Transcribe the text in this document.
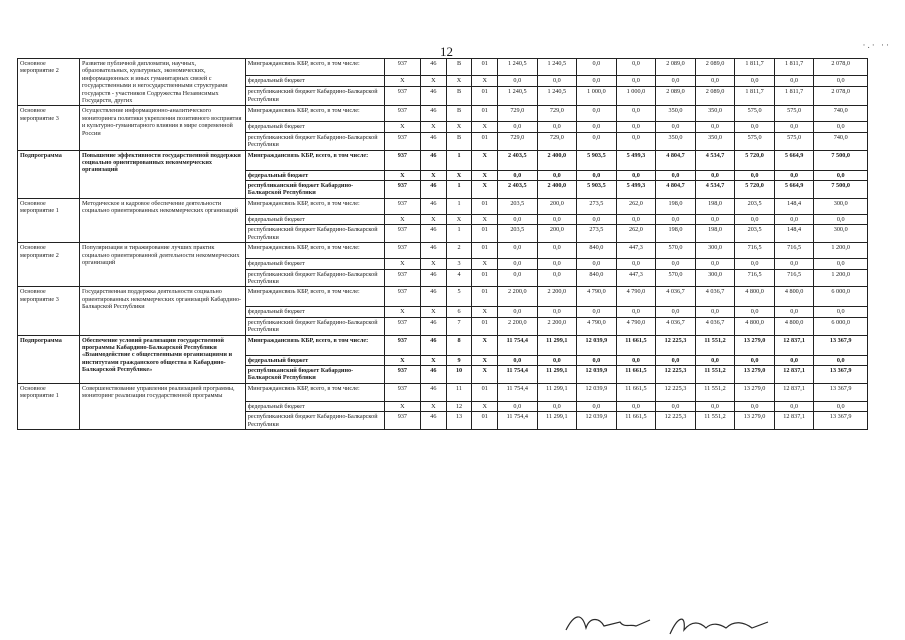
12	·.· ··
Основное мероприятие 2	Развитие публичной дипломатии, научных, образовательных, культурных, экономических, информационных и иных гуманитарных связей с государственными и негосударственными структурами государств - участников Содружества Независимых Государств, других	Минграждансвязь КБР, всего, в том числе:	937	46	В	01	1 240,5	1 240,5	0,0	0,0	2 089,0	2 089,0	1 811,7	1 811,7	2 078,0
		федеральный бюджет	X	X	X	X	0,0	0,0	0,0	0,0	0,0	0,0	0,0	0,0	0,0
		республиканский бюджет Кабардино-Балкарской Республики	937	46	В	01	1 240,5	1 240,5	1 000,0	1 000,0	2 089,0	2 089,0	1 811,7	1 811,7	2 078,0
Основное мероприятие 3	Осуществление информационно-аналитического мониторинга политики укрепления позитивного восприятия и культурно-гуманитарного влияния в мире современной России	Минграждансвязь КБР, всего, в том числе:	937	46	В	01	729,0	729,0	0,0	0,0	350,0	350,0	575,0	575,0	740,0
		федеральный бюджет	X	X	X	X	0,0	0,0	0,0	0,0	0,0	0,0	0,0	0,0	0,0
		республиканский бюджет Кабардино-Балкарской Республики	937	46	В	01	729,0	729,0	0,0	0,0	350,0	350,0	575,0	575,0	740,0
Подпрограмма	Повышение эффективности государственной поддержки социально ориентированных некоммерческих организаций	Минграждансвязь КБР, всего, в том числе:	937	46	1	X	2 403,5	2 400,0	5 903,5	5 499,3	4 804,7	4 534,7	5 720,0	5 664,9	7 500,0
		федеральный бюджет	X	X	X	X	0,0	0,0	0,0	0,0	0,0	0,0	0,0	0,0	0,0
		республиканский бюджет Кабардино-Балкарской Республики	937	46	1	X	2 403,5	2 400,0	5 903,5	5 499,3	4 804,7	4 534,7	5 720,0	5 664,9	7 500,0
Основное мероприятие 1	Методическое и кадровое обеспечение деятельности социально ориентированных некоммерческих организаций	Минграждансвязь КБР, всего, в том числе:	937	46	1	01	203,5	200,0	273,5	262,0	198,0	198,0	203,5	148,4	300,0
		федеральный бюджет	X	X	X	X	0,0	0,0	0,0	0,0	0,0	0,0	0,0	0,0	0,0
		республиканский бюджет Кабардино-Балкарской Республики	937	46	1	01	203,5	200,0	273,5	262,0	198,0	198,0	203,5	148,4	300,0
Основное мероприятие 2	Популяризация и тиражирование лучших практик социально ориентированной деятельности некоммерческих организаций	Минграждансвязь КБР, всего, в том числе:	937	46	2	01	0,0	0,0	840,0	447,3	570,0	300,0	716,5	716,5	1 200,0
		федеральный бюджет	X	X	3	X	0,0	0,0	0,0	0,0	0,0	0,0	0,0	0,0	0,0
		республиканский бюджет Кабардино-Балкарской Республики	937	46	4	01	0,0	0,0	840,0	447,3	570,0	300,0	716,5	716,5	1 200,0
Основное мероприятие 3	Государственная поддержка деятельности социально ориентированных некоммерческих организаций Кабардино-Балкарской Республики	Минграждансвязь КБР, всего, в том числе:	937	46	5	01	2 200,0	2 200,0	4 790,0	4 790,0	4 036,7	4 036,7	4 800,0	4 800,0	6 000,0
		федеральный бюджет	X	X	6	X	0,0	0,0	0,0	0,0	0,0	0,0	0,0	0,0	0,0
		республиканский бюджет Кабардино-Балкарской Республики	937	46	7	01	2 200,0	2 200,0	4 790,0	4 790,0	4 036,7	4 036,7	4 800,0	4 800,0	6 000,0
Подпрограмма	Обеспечение условий реализации государственной программы Кабардино-Балкарской Республики «Взаимодействие с общественными организациями и институтами гражданского общества в Кабардино-Балкарской Республике»	Минграждансвязь КБР, всего, в том числе:	937	46	8	X	11 754,4	11 299,1	12 039,9	11 661,5	12 225,3	11 551,2	13 279,0	12 837,1	13 367,9
		федеральный бюджет	X	X	9	X	0,0	0,0	0,0	0,0	0,0	0,0	0,0	0,0	0,0
		республиканский бюджет Кабардино-Балкарской Республики	937	46	10	X	11 754,4	11 299,1	12 039,9	11 661,5	12 225,3	11 551,2	13 279,0	12 837,1	13 367,9
Основное мероприятие 1	Совершенствование управления реализацией программы, мониторинг реализации государственной программы	Минграждансвязь КБР, всего, в том числе:	937	46	11	01	11 754,4	11 299,1	12 039,9	11 661,5	12 225,3	11 551,2	13 279,0	12 837,1	13 367,9
		федеральный бюджет	X	X	12	X	0,0	0,0	0,0	0,0	0,0	0,0	0,0	0,0	0,0
		республиканский бюджет Кабардино-Балкарской Республики	937	46	13	01	11 754,4	11 299,1	12 039,9	11 661,5	12 225,3	11 551,2	13 279,0	12 837,1	13 367,9
